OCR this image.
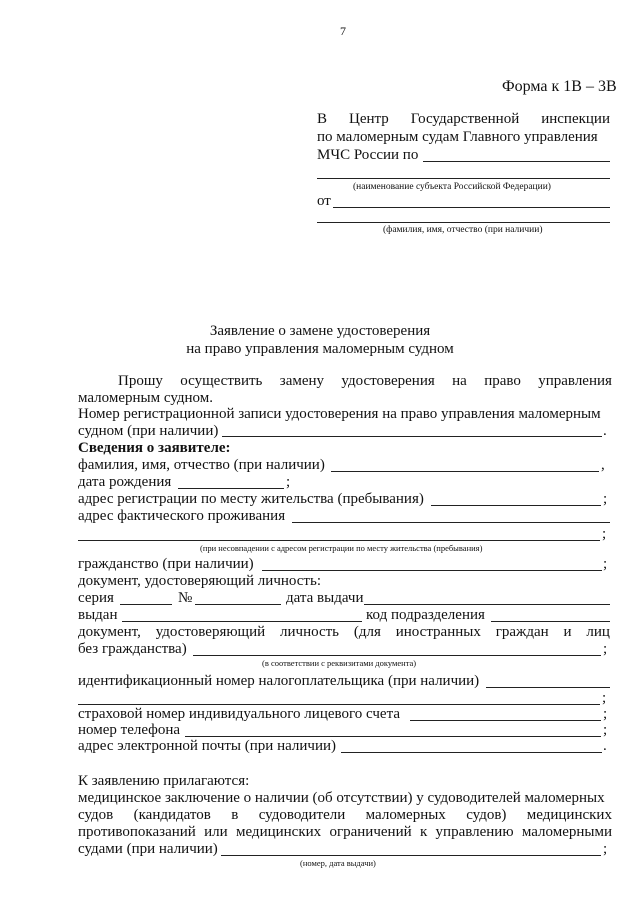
7
Форма к 1В – 3В
В Центр Государственной инспекции
по маломерным судам Главного управления
МЧС России по
(наименование субъекта Российской Федерации)
от
(фамилия, имя, отчество (при наличии)
Заявление о замене удостоверения
на право управления маломерным судном
Прошу осуществить замену удостоверения на право управления
маломерным судном.
Номер регистрационной записи удостоверения на право управления маломерным
судном (при наличии)	.
Сведения о заявителе:
фамилия, имя, отчество (при наличии)	,
дата рождения	;
адрес регистрации по месту жительства (пребывания)	;
адрес фактического проживания
;
(при несовпадении с адресом регистрации по месту жительства (пребывания)
гражданство (при наличии)	;
документ, удостоверяющий личность:
серия	№	дата выдачи
выдан	код подразделения
документ, удостоверяющий личность (для иностранных граждан и лиц
без гражданства)	;
(в соответствии с реквизитами документа)
идентификационный номер налогоплательщика (при наличии)
;
страховой номер индивидуального лицевого счета	;
номер телефона	;
адрес электронной почты (при наличии)	.
К заявлению прилагаются:
медицинское заключение о наличии (об отсутствии) у судоводителей маломерных
судов (кандидатов в судоводители маломерных судов) медицинских
противопоказаний или медицинских ограничений к управлению маломерными
судами (при наличии)	;
(номер, дата выдачи)
